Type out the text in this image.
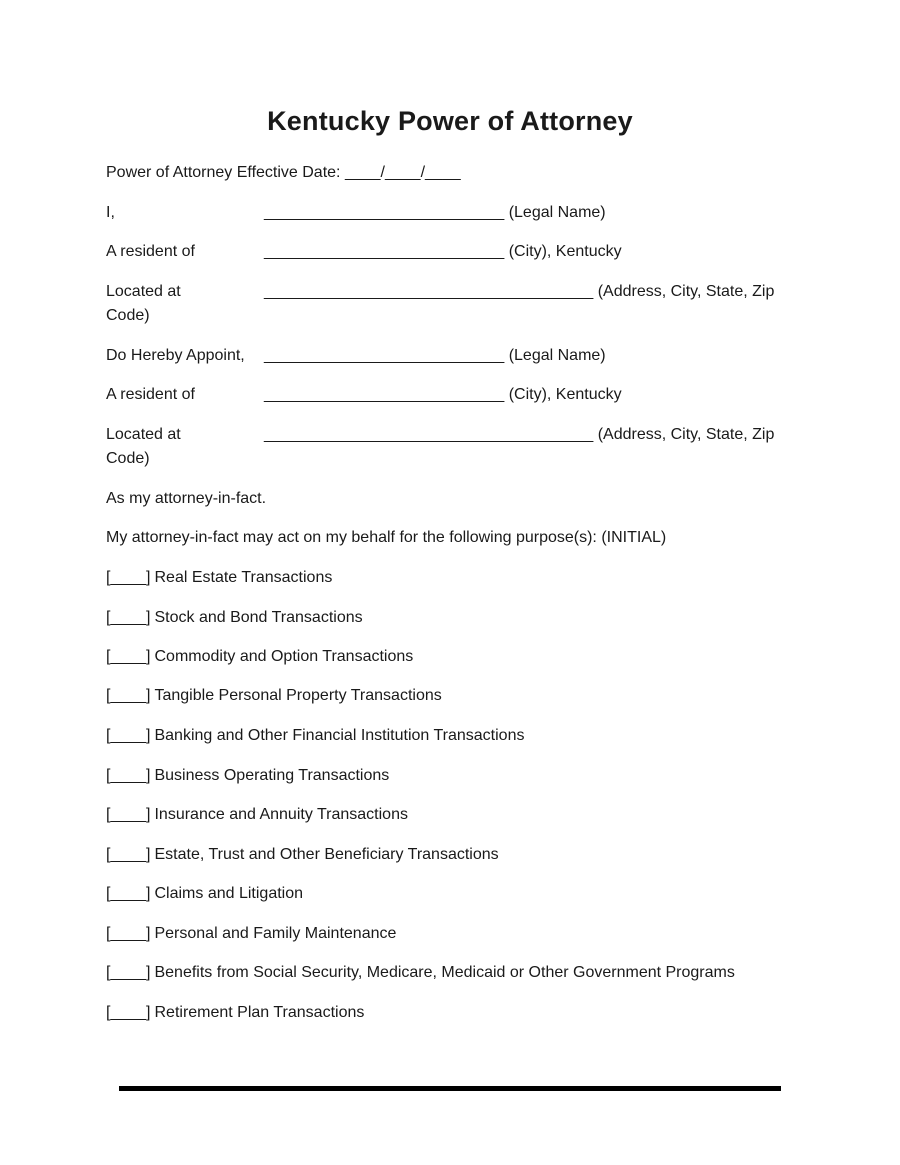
Kentucky Power of Attorney
Power of Attorney Effective Date: ____/____/____
I,	___________________________ (Legal Name)
A resident of	___________________________ (City), Kentucky
Located at	_____________________________________ (Address, City, State, Zip
Code)
Do Hereby Appoint, ___________________________ (Legal Name)
A resident of	___________________________ (City), Kentucky
Located at	_____________________________________ (Address, City, State, Zip
Code)
As my attorney-in-fact.
My attorney-in-fact may act on my behalf for the following purpose(s): (INITIAL)
[____] Real Estate Transactions
[____] Stock and Bond Transactions
[____] Commodity and Option Transactions
[____] Tangible Personal Property Transactions
[____] Banking and Other Financial Institution Transactions
[____] Business Operating Transactions
[____] Insurance and Annuity Transactions
[____] Estate, Trust and Other Beneficiary Transactions
[____] Claims and Litigation
[____] Personal and Family Maintenance
[____] Benefits from Social Security, Medicare, Medicaid or Other Government Programs
[____] Retirement Plan Transactions
